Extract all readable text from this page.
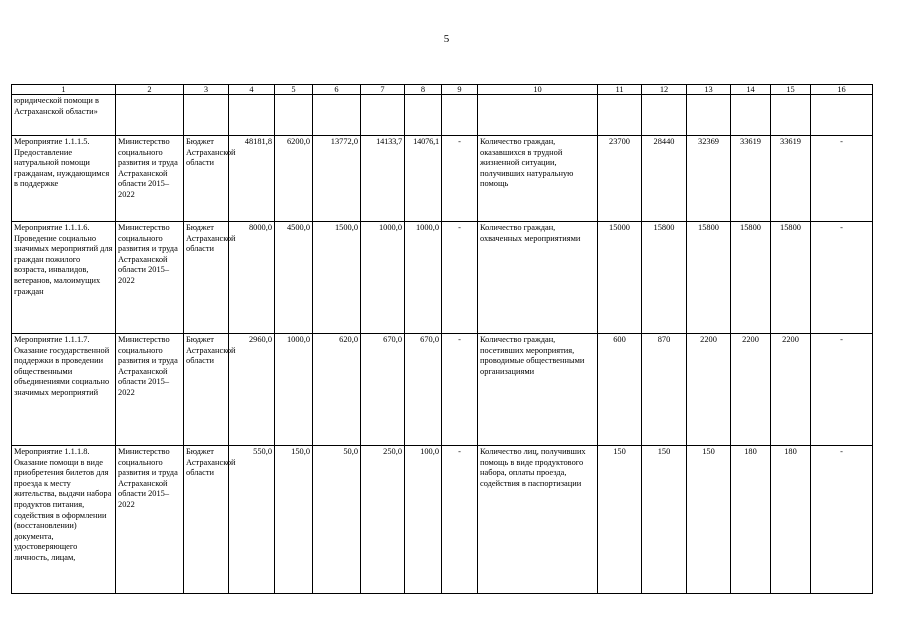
5
1	2	3	4	5	6	7	8	9	10	11	12	13	14	15	16
юридической помощи в Астраханской области»															
Мероприятие 1.1.1.5. Предоставление натуральной помощи гражданам, нуждающимся в поддержке	Министерство социального развития и труда Астраханской области 2015–2022	Бюджет Астраханской области	48181,8	6200,0	13772,0	14133,7	14076,1	-	Количество граждан, оказавшихся в трудной жизненной ситуации, получивших натуральную помощь	23700	28440	32369	33619	33619	-
Мероприятие 1.1.1.6. Проведение социально значимых мероприятий для граждан пожилого возраста, инвалидов, ветеранов, малоимущих граждан	Министерство социального развития и труда Астраханской области 2015–2022	Бюджет Астраханской области	8000,0	4500,0	1500,0	1000,0	1000,0	-	Количество граждан, охваченных мероприятиями	15000	15800	15800	15800	15800	-
Мероприятие 1.1.1.7. Оказание государственной поддержки в проведении общественными объединениями социально значимых мероприятий	Министерство социального развития и труда Астраханской области 2015–2022	Бюджет Астраханской области	2960,0	1000,0	620,0	670,0	670,0	-	Количество граждан, посетивших мероприятия, проводимые общественными организациями	600	870	2200	2200	2200	-
Мероприятие 1.1.1.8. Оказание помощи в виде приобретения билетов для проезда к месту жительства, выдачи набора продуктов питания, содействия в оформлении (восстановлении) документа, удостоверяющего личность, лицам,	Министерство социального развития и труда Астраханской области 2015–2022	Бюджет Астраханской области	550,0	150,0	50,0	250,0	100,0	-	Количество лиц, получивших помощь в виде продуктового набора, оплаты проезда, содействия в паспортизации	150	150	150	180	180	-
